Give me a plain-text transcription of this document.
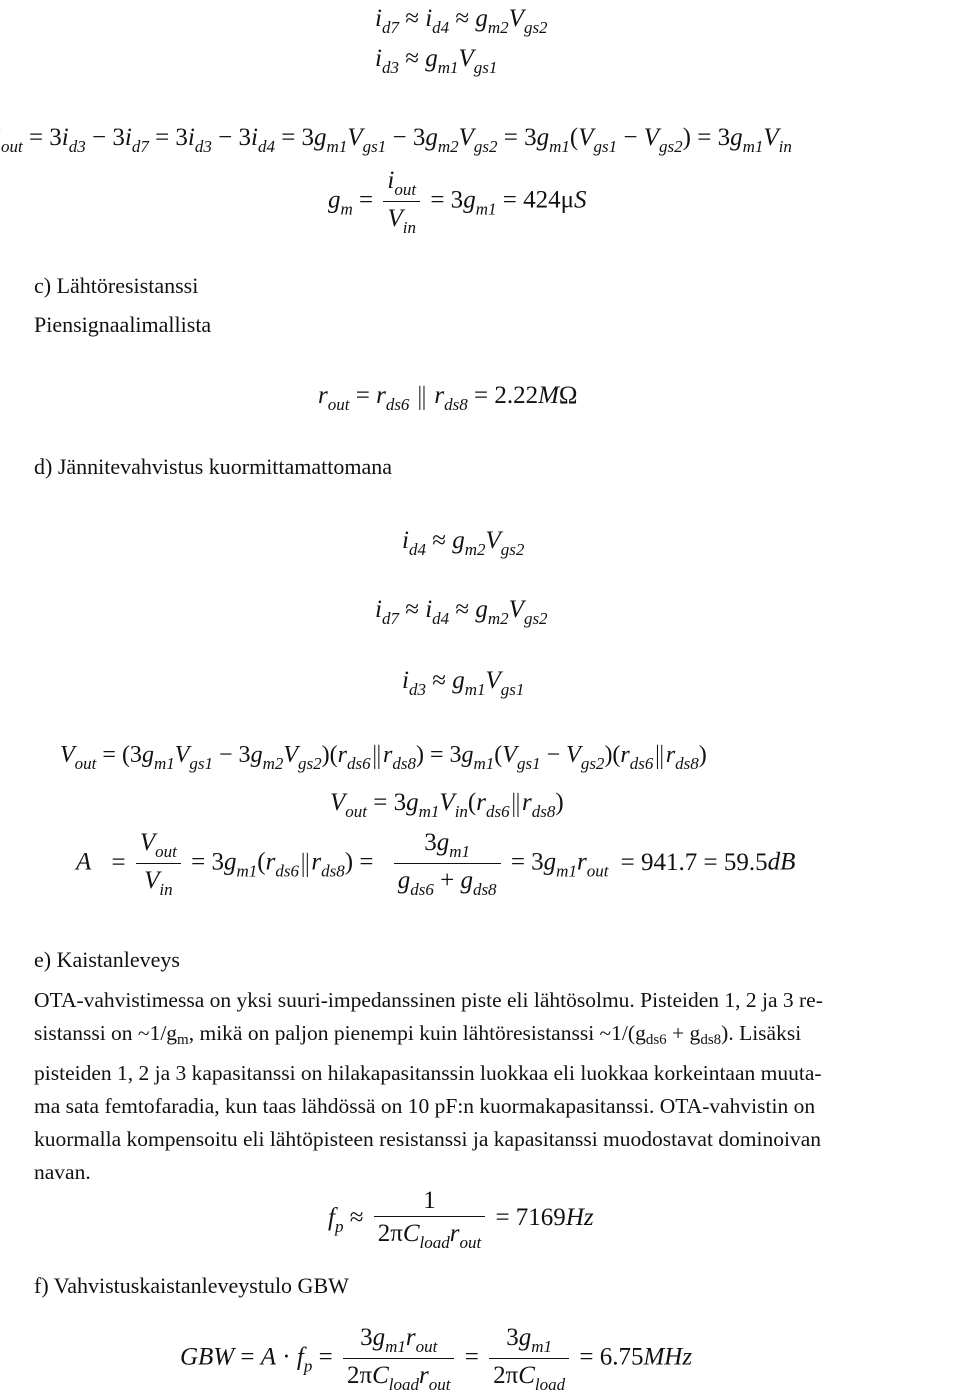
$i_{d7} \approx i_{d4} \approx g_{m2}V_{gs2}$
$i_{d3} \approx g_{m1}V_{gs1}$
$_{out} = 3i_{d3} - 3i_{d7} = 3i_{d3} - 3i_{d4} = 3g_{m1}V_{gs1} - 3g_{m2}V_{gs2} = 3g_{m1}(V_{gs1} - V_{gs2}) = 3g_{m1}V_{in}$
$g_m = \frac{i_{out}}{V_{in}} = 3g_{m1} = 424\mu S$
c) Lähtöresistanssi
Piensignaalimallista
$r_{out} = r_{ds6}$ || $r_{ds8} = 2.22M\Omega$
d) Jännitevahvistus kuormittamattomana
$i_{d4} \approx g_{m2}V_{gs2}$
$i_{d7} \approx i_{d4} \approx g_{m2}V_{gs2}$
$i_{d3} \approx g_{m1}V_{gs1}$
$V_{out} = (3g_{m1}V_{gs1} - 3g_{m2}V_{gs2})(r_{ds6}||r_{ds8}) = 3g_{m1}(V_{gs1} - V_{gs2})(r_{ds6}||r_{ds8})$
$V_{out} = 3g_{m1}V_{in}(r_{ds6}||r_{ds8})$
$A = \frac{V_{out}}{V_{in}} = 3g_{m1}(r_{ds6}||r_{ds8}) = \frac{3g_{m1}}{g_{ds6} + g_{ds8}} = 3g_{m1}r_{out} = 941.7 = 59.5dB$
e) Kaistanleveys
OTA-vahvistimessa on yksi suuri-impedanssinen piste eli lähtösolmu. Pisteiden 1, 2 ja 3 re-
sistanssi on ~1/gm, mikä on paljon pienempi kuin lähtöresistanssi ~1/(gds6 + gds8). Lisäksi
pisteiden 1, 2 ja 3 kapasitanssi on hilakapasitanssin luokkaa eli luokkaa korkeintaan muuta-
ma sata femtofaradia, kun taas lähdössä on 10 pF:n kuormakapasitanssi. OTA-vahvistin on
kuormalla kompensoitu eli lähtöpisteen resistanssi ja kapasitanssi muodostavat dominoivan
navan.
$f_p \approx \frac{1}{2\pi C_{load}r_{out}} = 7169Hz$
f) Vahvistuskaistanleveystulo GBW
GBW = $A \cdot f_p = \frac{3g_{m1}r_{out}}{2\pi C_{load}r_{out}} = \frac{3g_{m1}}{2\pi C_{load}} = 6.75MHz$
